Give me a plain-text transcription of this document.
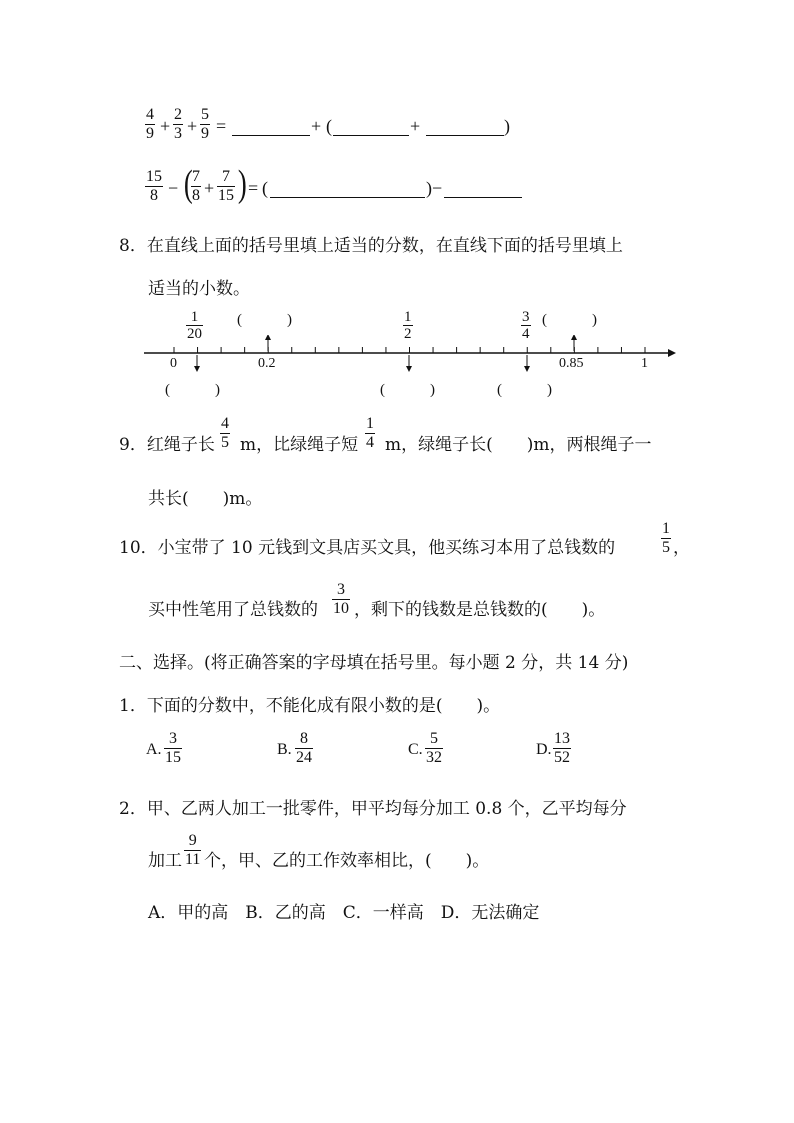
4
9 +
2
3 +
5
9 =	+ (	+	)
15
8 − ( 7
8 +
7
15 ) = (	) −
8．在直线上面的括号里填上适当的分数，在直线下面的括号里填上
适当的小数。
1
20
(　　　)	1
2
3
4
(　　　)
0	0.2	0.85	1
(　　　)	(　　　)	(　　　)
9．红绳子长
4
5 m，比绿绳子短
1
4 m，绿绳子长(　　)m，两根绳子一
共长(　　)m。
10．小宝带了 10 元钱到文具店买文具，他买练习本用了总钱数的
1
5 ，
买中性笔用了总钱数的
3
10 ，剩下的钱数是总钱数的(　　)。
二、选择。(将正确答案的字母填在括号里。每小题 2 分，共 14 分)
1．下面的分数中，不能化成有限小数的是(　　)。
A.
3
15	B.
8
24	C.
5
32	D.
13
52
2．甲、乙两人加工一批零件，甲平均每分加工 0.8 个，乙平均每分
加工
9
11 个，甲、乙的工作效率相比，(　　)。
A．甲的高　B．乙的高　C．一样高　D．无法确定
